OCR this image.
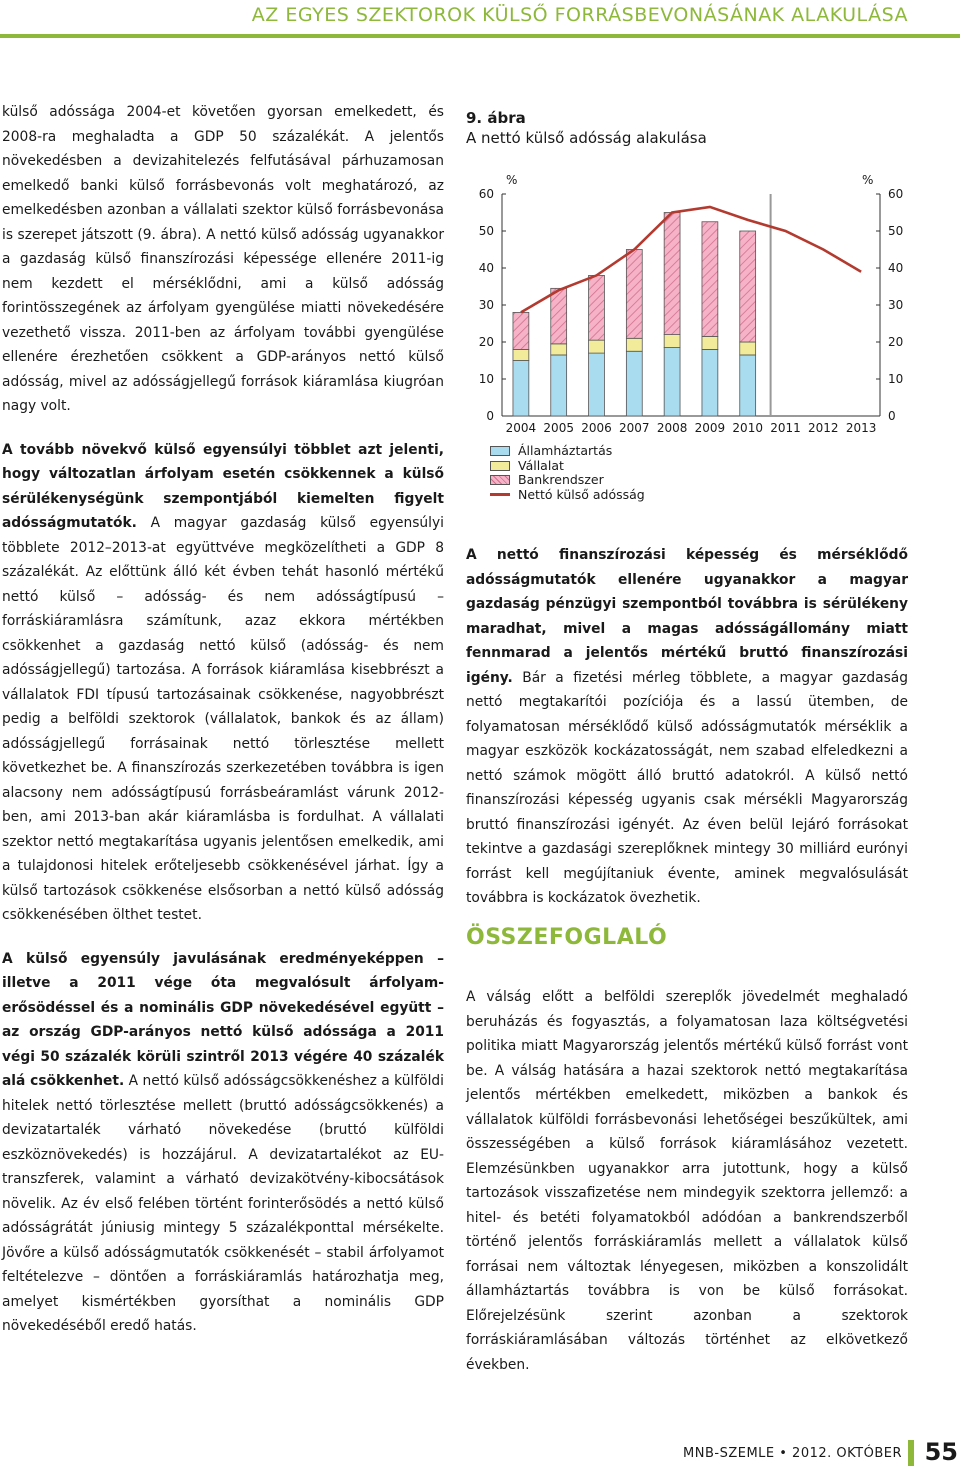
AZ EGYES SZEKTOROK KÜLSŐ FORRÁSBEVONÁSÁNAK ALAKULÁSA

külső adóssága 2004-et követően gyorsan emelkedett, és 2008-ra meghaladta a GDP 50 százalékát. A jelentős növekedésben a devizahitelezés felfutásával párhuzamosan emelkedő banki külső forrásbevonás volt meghatározó, az emelkedésben azonban a vállalati szektor külső forrásbevonása is szerepet játszott (9. ábra). A nettó külső adósság ugyanakkor a gazdaság külső finanszírozási képessége ellenére 2011-ig nem kezdett el mérséklődni, ami a külső adósság forintösszegének az árfolyam gyengülése miatti növekedésére vezethető vissza. 2011-ben az árfolyam további gyengülése ellenére érezhetően csökkent a GDP-arányos nettó külső adósság, mivel az adósságjellegű források kiáramlása kiugróan nagy volt.

A tovább növekvő külső egyensúlyi többlet azt jelenti, hogy változatlan árfolyam esetén csökkennek a külső sérülékenységünk szempontjából kiemelten figyelt adósságmutatók. A magyar gazdaság külső egyensúlyi többlete 2012–2013-at együttvéve megközelítheti a GDP 8 százalékát. Az előttünk álló két évben tehát hasonló mértékű nettó külső – adósság- és nem adósságtípusú – forráskiáramlásra számítunk, azaz ekkora mértékben csökkenhet a gazdaság nettó külső (adósság- és nem adósságjellegű) tartozása. A források kiáramlása kisebbrészt a vállalatok FDI típusú tartozásainak csökkenése, nagyobbrészt pedig a belföldi szektorok (vállalatok, bankok és az állam) adósságjellegű forrásainak nettó törlesztése mellett következhet be. A finanszírozás szerkezetében továbbra is igen alacsony nem adósságtípusú forrásbeáramlást várunk 2012-ben, ami 2013-ban akár kiáramlásba is fordulhat. A vállalati szektor nettó megtakarítása ugyanis jelentősen emelkedik, ami a tulajdonosi hitelek erőteljesebb csökkenésével járhat. Így a külső tartozások csökkenése elsősorban a nettó külső adósság csökkenésében ölthet testet.

A külső egyensúly javulásának eredményeképpen – illetve a 2011 vége óta megvalósult árfolyam-erősödéssel és a nominális GDP növekedésével együtt – az ország GDP-arányos nettó külső adóssága a 2011 végi 50 százalék körüli szintről 2013 végére 40 százalék alá csökkenhet. A nettó külső adósságcsökkenéshez a külföldi hitelek nettó törlesztése mellett (bruttó adósságcsökkenés) a devizatartalék várható növekedése (bruttó külföldi eszköznövekedés) is hozzájárul. A devizatartalékot az EU-transzferek, valamint a várható devizakötvény-kibocsátások növelik. Az év első felében történt forinterősödés a nettó külső adósságrátát júniusig mintegy 5 százalékponttal mérsékelte. Jövőre a külső adósságmutatók csökkenését – stabil árfolyamot feltételezve – döntően a forráskiáramlás határozhatja meg, amelyet kismértékben gyorsíthat a nominális GDP növekedéséből eredő hatás.

9. ábra
A nettó külső adósság alakulása
0	0
10	10
20	20
30	30
40	40
50	50
60	60
%	%
2004 2005 2006 2007 2008 2009 2010 2011 2012 2013
Államháztartás
Vállalat
Bankrendszer
Nettó külső adósság

A nettó finanszírozási képesség és mérséklődő adósságmutatók ellenére ugyanakkor a magyar gazdaság pénzügyi szempontból továbbra is sérülékeny maradhat, mivel a magas adósságállomány miatt fennmarad a jelentős mértékű bruttó finanszírozási igény. Bár a fizetési mérleg többlete, a magyar gazdaság nettó megtakarítói pozíciója és a lassú ütemben, de folyamatosan mérséklődő külső adósságmutatók mérséklik a magyar eszközök kockázatosságát, nem szabad elfeledkezni a nettó számok mögött álló bruttó adatokról. A külső nettó finanszírozási képesség ugyanis csak mérsékli Magyarország bruttó finanszírozási igényét. Az éven belül lejáró forrásokat tekintve a gazdasági szereplőknek mintegy 30 milliárd eurónyi forrást kell megújítaniuk évente, aminek megvalósulását továbbra is kockázatok övezhetik.

ÖSSZEFOGLALÓ
A válság előtt a belföldi szereplők jövedelmét meghaladó beruházás és fogyasztás, a folyamatosan laza költségvetési politika miatt Magyarország jelentős mértékű külső forrást vont be. A válság hatására a hazai szektorok nettó megtakarítása jelentős mértékben emelkedett, miközben a bankok és vállalatok külföldi forrásbevonási lehetőségei beszűkültek, ami összességében a külső források kiáramlásához vezetett. Elemzésünkben ugyanakkor arra jutottunk, hogy a külső tartozások visszafizetése nem mindegyik szektorra jellemző: a hitel- és betéti folyamatokból adódóan a bankrendszerből történő jelentős forráskiáramlás mellett a vállalatok külső forrásai nem változtak lényegesen, miközben a konszolidált államháztartás továbbra is von be külső forrásokat. Előrejelzésünk szerint azonban a szektorok forráskiáramlásában változás történhet az elkövetkező években.
MNB-SZEMLE • 2012. OKTÓBER 55
